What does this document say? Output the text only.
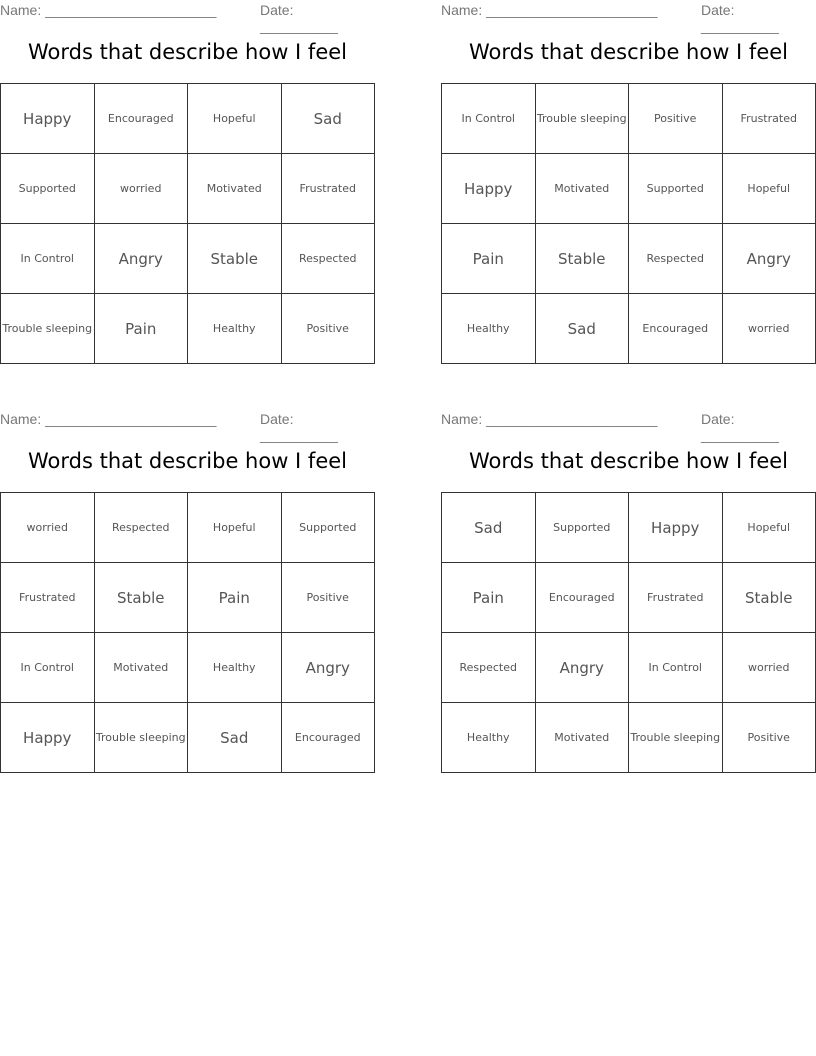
Name: ______________________	Date: __________
Words that describe how I feel
Happy	Encouraged	Hopeful	Sad
Supported	worried	Motivated	Frustrated
In Control	Angry	Stable	Respected
Trouble sleeping	Pain	Healthy	Positive
Name: ______________________	Date: __________
Words that describe how I feel
In Control	Trouble sleeping	Positive	Frustrated
Happy	Motivated	Supported	Hopeful
Pain	Stable	Respected	Angry
Healthy	Sad	Encouraged	worried
Name: ______________________	Date: __________
Words that describe how I feel
worried	Respected	Hopeful	Supported
Frustrated	Stable	Pain	Positive
In Control	Motivated	Healthy	Angry
Happy	Trouble sleeping	Sad	Encouraged
Name: ______________________	Date: __________
Words that describe how I feel
Sad	Supported	Happy	Hopeful
Pain	Encouraged	Frustrated	Stable
Respected	Angry	In Control	worried
Healthy	Motivated	Trouble sleeping	Positive
